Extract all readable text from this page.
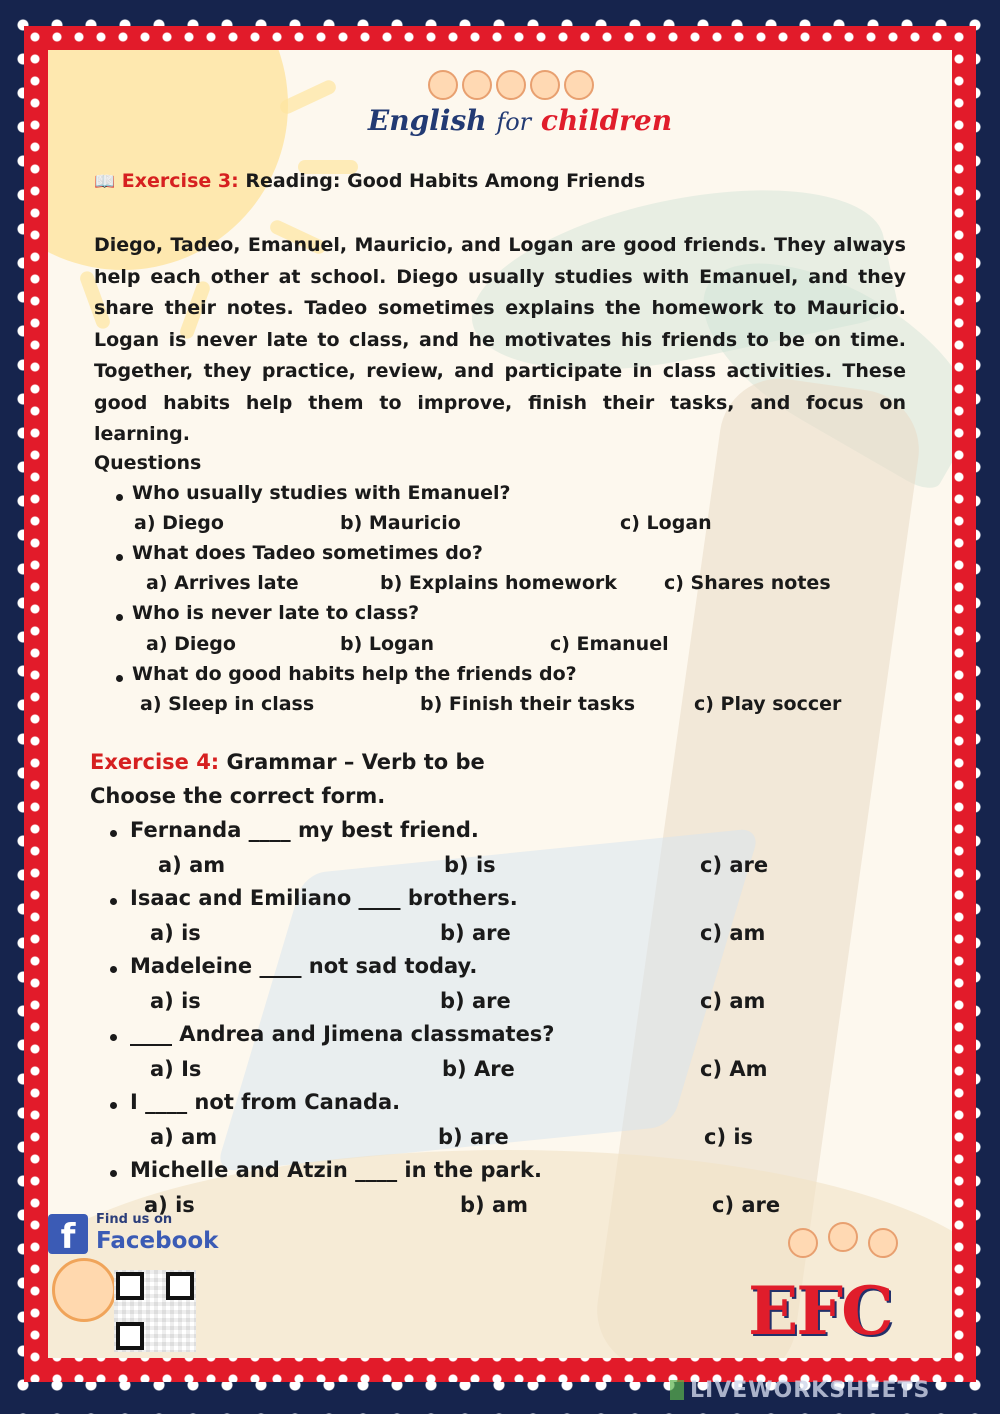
English for children
📖 Exercise 3: Reading: Good Habits Among Friends

Diego, Tadeo, Emanuel, Mauricio, and Logan are good friends. They always help each other at school. Diego usually studies with Emanuel, and they share their notes. Tadeo sometimes explains the homework to Mauricio. Logan is never late to class, and he motivates his friends to be on time. Together, they practice, review, and participate in class activities. These good habits help them to improve, finish their tasks, and focus on learning.

Questions

Who usually studies with Emanuel?
a) Diego	b) Mauricio	c) Logan
What does Tadeo sometimes do?
a) Arrives late	b) Explains homework c) Shares notes
Who is never late to class?
a) Diego	b) Logan	c) Emanuel
What do good habits help the friends do?
a) Sleep in class	b) Finish their tasks	c) Play soccer
Exercise 4: Grammar – Verb to be
Choose the correct form.
Fernanda ____ my best friend.
a) am	b) is	c) are
Isaac and Emiliano ____ brothers.
a) is	b) are	c) am
Madeleine ____ not sad today.
a) is	b) are	c) am
____ Andrea and Jimena classmates?
a) Is	b) Are	c) Am
I ____ not from Canada.
a) am	b) are	c) is
Michelle and Atzin ____ in the park.
a) is	b) am	c) are
f	Find us on
Facebook
EFC
LIVEWORKSHEETS
